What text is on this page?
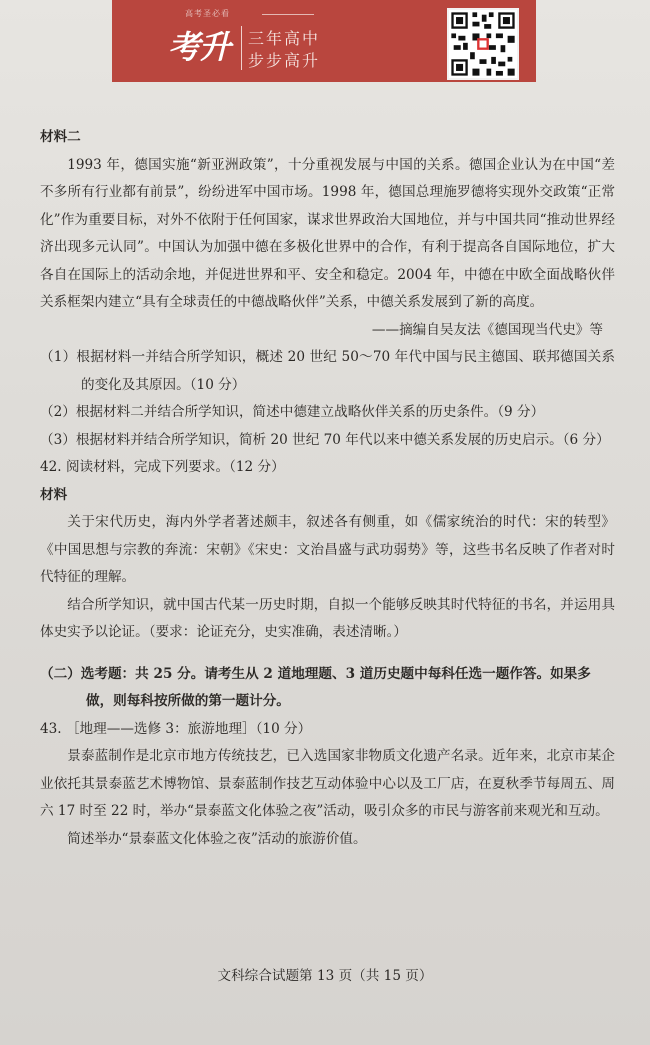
高考圣必看
考升 三年高中
步步高升

材料二

1993 年，德国实施“新亚洲政策”，十分重视发展与中国的关系。德国企业认为在中国“差不多所有行业都有前景”，纷纷进军中国市场。1998 年，德国总理施罗德将实现外交政策“正常化”作为重要目标，对外不依附于任何国家，谋求世界政治大国地位，并与中国共同“推动世界经济出现多元认同”。中国认为加强中德在多极化世界中的合作，有利于提高各自国际地位，扩大各自在国际上的活动余地，并促进世界和平、安全和稳定。2004 年，中德在中欧全面战略伙伴关系框架内建立“具有全球责任的中德战略伙伴”关系，中德关系发展到了新的高度。

——摘编自吴友法《德国现当代史》等

（1）根据材料一并结合所学知识，概述 20 世纪 50～70 年代中国与民主德国、联邦德国关系的变化及其原因。（10 分）

（2）根据材料二并结合所学知识，简述中德建立战略伙伴关系的历史条件。（9 分）

（3）根据材料并结合所学知识，简析 20 世纪 70 年代以来中德关系发展的历史启示。（6 分）

42. 阅读材料，完成下列要求。（12 分）

材料

关于宋代历史，海内外学者著述颇丰，叙述各有侧重，如《儒家统治的时代：宋的转型》《中国思想与宗教的奔流：宋朝》《宋史：文治昌盛与武功弱势》等，这些书名反映了作者对时代特征的理解。

结合所学知识，就中国古代某一历史时期，自拟一个能够反映其时代特征的书名，并运用具体史实予以论证。（要求：论证充分，史实准确，表述清晰。）

（二）选考题：共 25 分。请考生从 2 道地理题、3 道历史题中每科任选一题作答。如果多做，则每科按所做的第一题计分。

43. ［地理——选修 3：旅游地理］（10 分）

景泰蓝制作是北京市地方传统技艺，已入选国家非物质文化遗产名录。近年来，北京市某企业依托其景泰蓝艺术博物馆、景泰蓝制作技艺互动体验中心以及工厂店，在夏秋季节每周五、周六 17 时至 22 时，举办“景泰蓝文化体验之夜”活动，吸引众多的市民与游客前来观光和互动。

简述举办“景泰蓝文化体验之夜”活动的旅游价值。

文科综合试题第 13 页（共 15 页）
